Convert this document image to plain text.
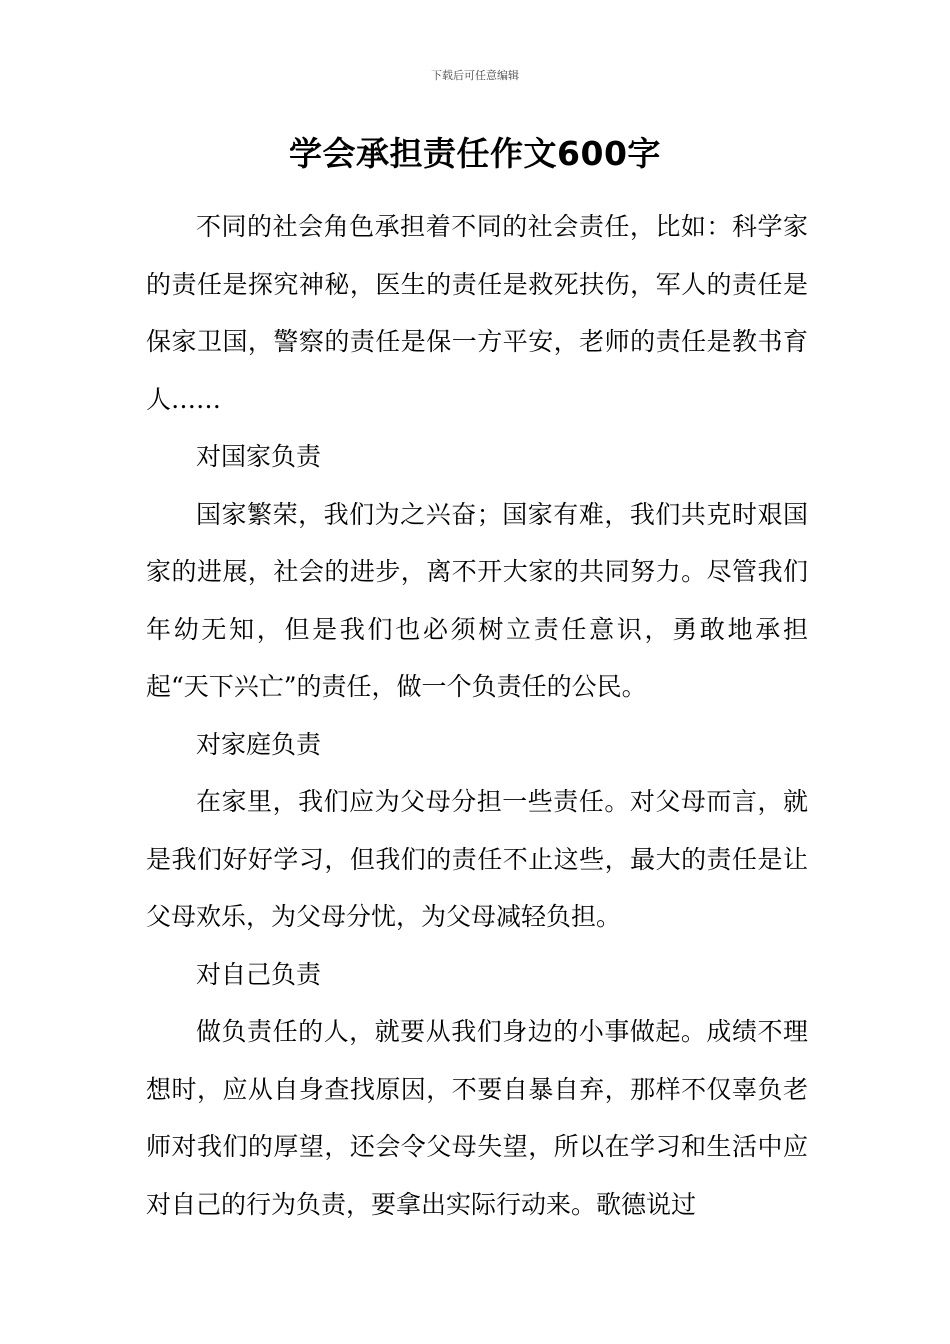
下载后可任意编辑
学会承担责任作文600字

不同的社会角色承担着不同的社会责任，比如：科学家的责任是探究神秘，医生的责任是救死扶伤，军人的责任是保家卫国，警察的责任是保一方平安，老师的责任是教书育人……

对国家负责

国家繁荣，我们为之兴奋；国家有难，我们共克时艰国家的进展，社会的进步，离不开大家的共同努力。尽管我们年幼无知，但是我们也必须树立责任意识，勇敢地承担起“天下兴亡”的责任，做一个负责任的公民。

对家庭负责

在家里，我们应为父母分担一些责任。对父母而言，就是我们好好学习，但我们的责任不止这些，最大的责任是让父母欢乐，为父母分忧，为父母减轻负担。

对自己负责

做负责任的人，就要从我们身边的小事做起。成绩不理想时，应从自身查找原因，不要自暴自弃，那样不仅辜负老师对我们的厚望，还会令父母失望，所以在学习和生活中应对自己的行为负责，要拿出实际行动来。歌德说过
